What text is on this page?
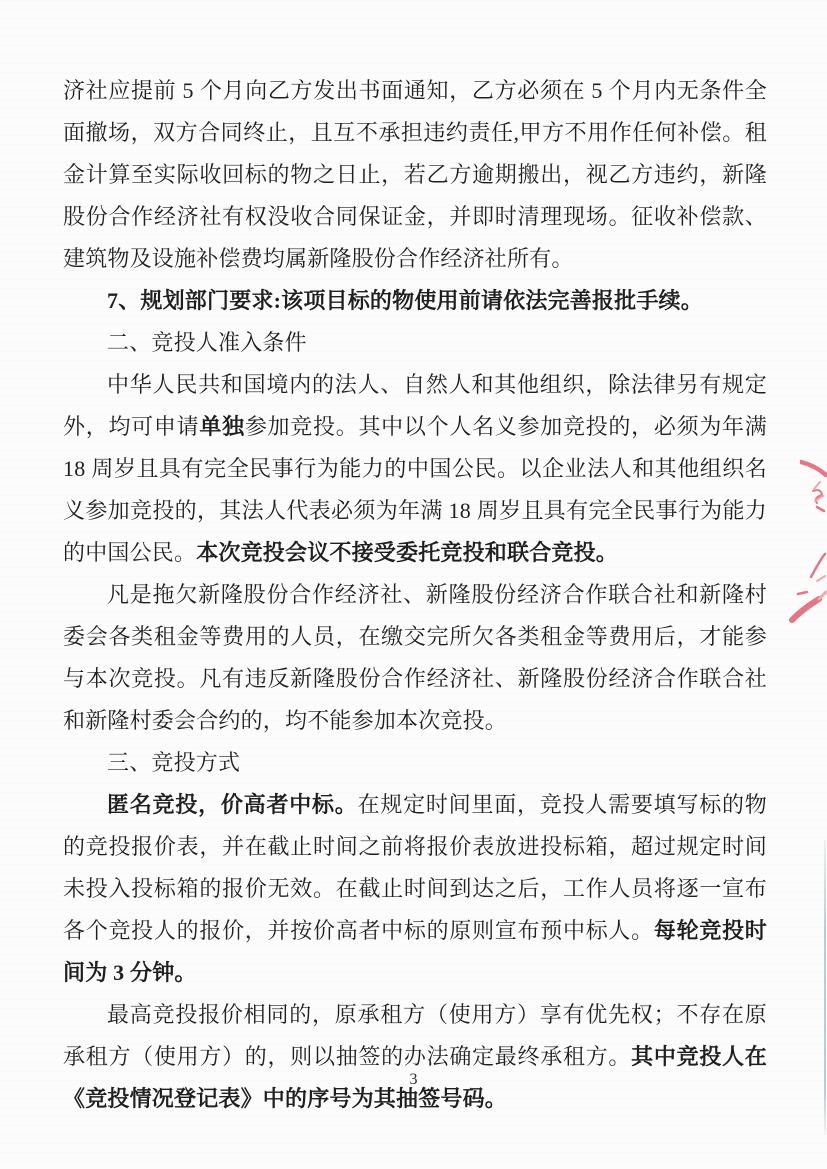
济社应提前 5 个月向乙方发出书面通知，乙方必须在 5 个月内无条件全面撤场，双方合同终止，且互不承担违约责任,甲方不用作任何补偿。租金计算至实际收回标的物之日止，若乙方逾期搬出，视乙方违约，新隆股份合作经济社有权没收合同保证金，并即时清理现场。征收补偿款、建筑物及设施补偿费均属新隆股份合作经济社所有。

7、规划部门要求:该项目标的物使用前请依法完善报批手续。

二、竞投人准入条件

中华人民共和国境内的法人、自然人和其他组织，除法律另有规定外，均可申请单独参加竞投。其中以个人名义参加竞投的，必须为年满 18 周岁且具有完全民事行为能力的中国公民。以企业法人和其他组织名义参加竞投的，其法人代表必须为年满 18 周岁且具有完全民事行为能力的中国公民。本次竞投会议不接受委托竞投和联合竞投。

凡是拖欠新隆股份合作经济社、新隆股份经济合作联合社和新隆村委会各类租金等费用的人员，在缴交完所欠各类租金等费用后，才能参与本次竞投。凡有违反新隆股份合作经济社、新隆股份经济合作联合社和新隆村委会合约的，均不能参加本次竞投。

三、竞投方式

匿名竞投，价高者中标。在规定时间里面，竞投人需要填写标的物的竞投报价表，并在截止时间之前将报价表放进投标箱，超过规定时间未投入投标箱的报价无效。在截止时间到达之后，工作人员将逐一宣布各个竞投人的报价，并按价高者中标的原则宣布预中标人。每轮竞投时间为 3 分钟。

最高竞投报价相同的，原承租方（使用方）享有优先权；不存在原承租方（使用方）的，则以抽签的办法确定最终承租方。其中竞投人在《竞投情况登记表》中的序号为其抽签号码。

3
